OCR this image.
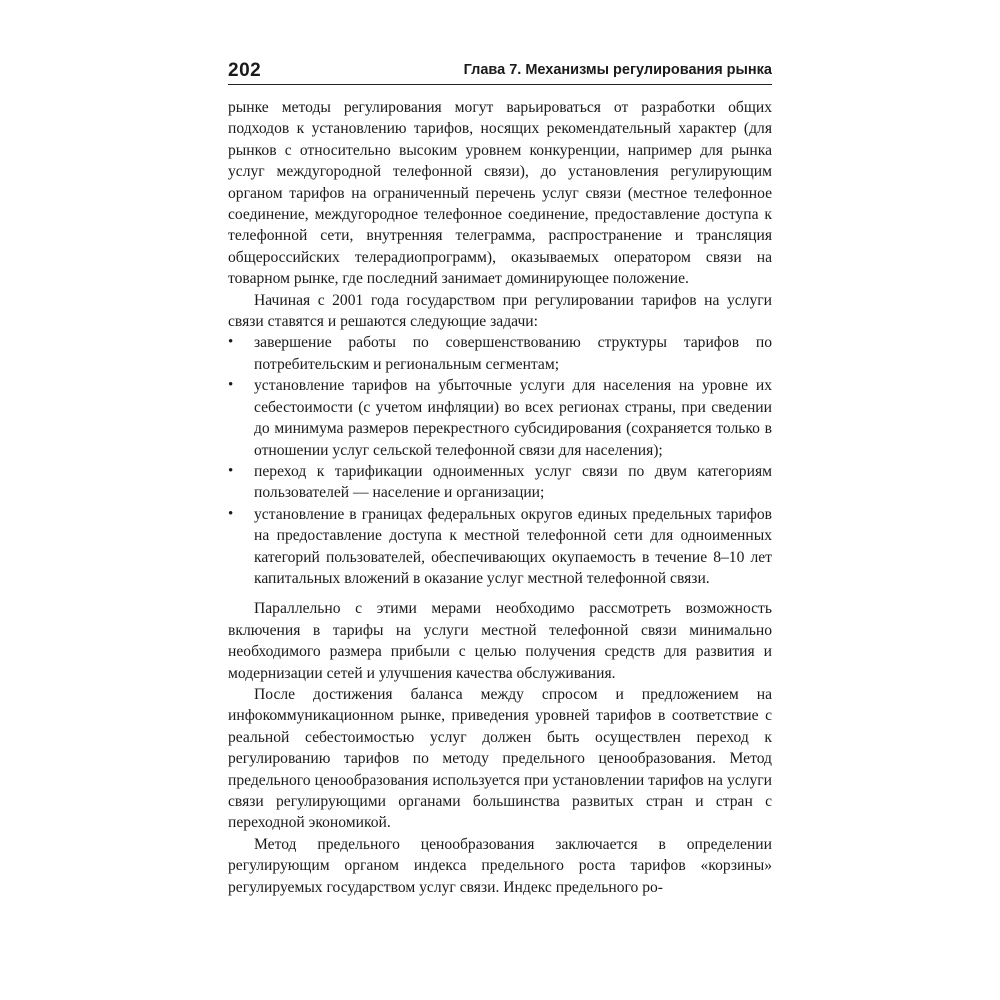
202	Глава 7. Механизмы регулирования рынка

рынке методы регулирования могут варьироваться от разработки общих подходов к установлению тарифов, носящих рекомендательный характер (для рынков с относительно высоким уровнем конкуренции, например для рынка услуг междугородной телефонной связи), до установления регулирующим органом тарифов на ограниченный перечень услуг связи (местное телефонное соединение, междугородное телефонное соединение, предоставление доступа к телефонной сети, внутренняя телеграмма, распространение и трансляция общероссийских телерадиопрограмм), оказываемых оператором связи на товарном рынке, где последний занимает доминирующее положение.

Начиная с 2001 года государством при регулировании тарифов на услуги связи ставятся и решаются следующие задачи:

•	завершение работы по совершенствованию структуры тарифов по потребительским и региональным сегментам;
•	установление тарифов на убыточные услуги для населения на уровне их себестоимости (с учетом инфляции) во всех регионах страны, при сведении до минимума размеров перекрестного субсидирования (сохраняется только в отношении услуг сельской телефонной связи для населения);
•	переход к тарификации одноименных услуг связи по двум категориям пользователей — население и организации;
•	установление в границах федеральных округов единых предельных тарифов на предоставление доступа к местной телефонной сети для одноименных категорий пользователей, обеспечивающих окупаемость в течение 8–10 лет капитальных вложений в оказание услуг местной телефонной связи.

Параллельно с этими мерами необходимо рассмотреть возможность включения в тарифы на услуги местной телефонной связи минимально необходимого размера прибыли с целью получения средств для развития и модернизации сетей и улучшения качества обслуживания.

После достижения баланса между спросом и предложением на инфокоммуникационном рынке, приведения уровней тарифов в соответствие с реальной себестоимостью услуг должен быть осуществлен переход к регулированию тарифов по методу предельного ценообразования. Метод предельного ценообразования используется при установлении тарифов на услуги связи регулирующими органами большинства развитых стран и стран с переходной экономикой.

Метод предельного ценообразования заключается в определении регулирующим органом индекса предельного роста тарифов «корзины» регулируемых государством услуг связи. Индекс предельного ро-
